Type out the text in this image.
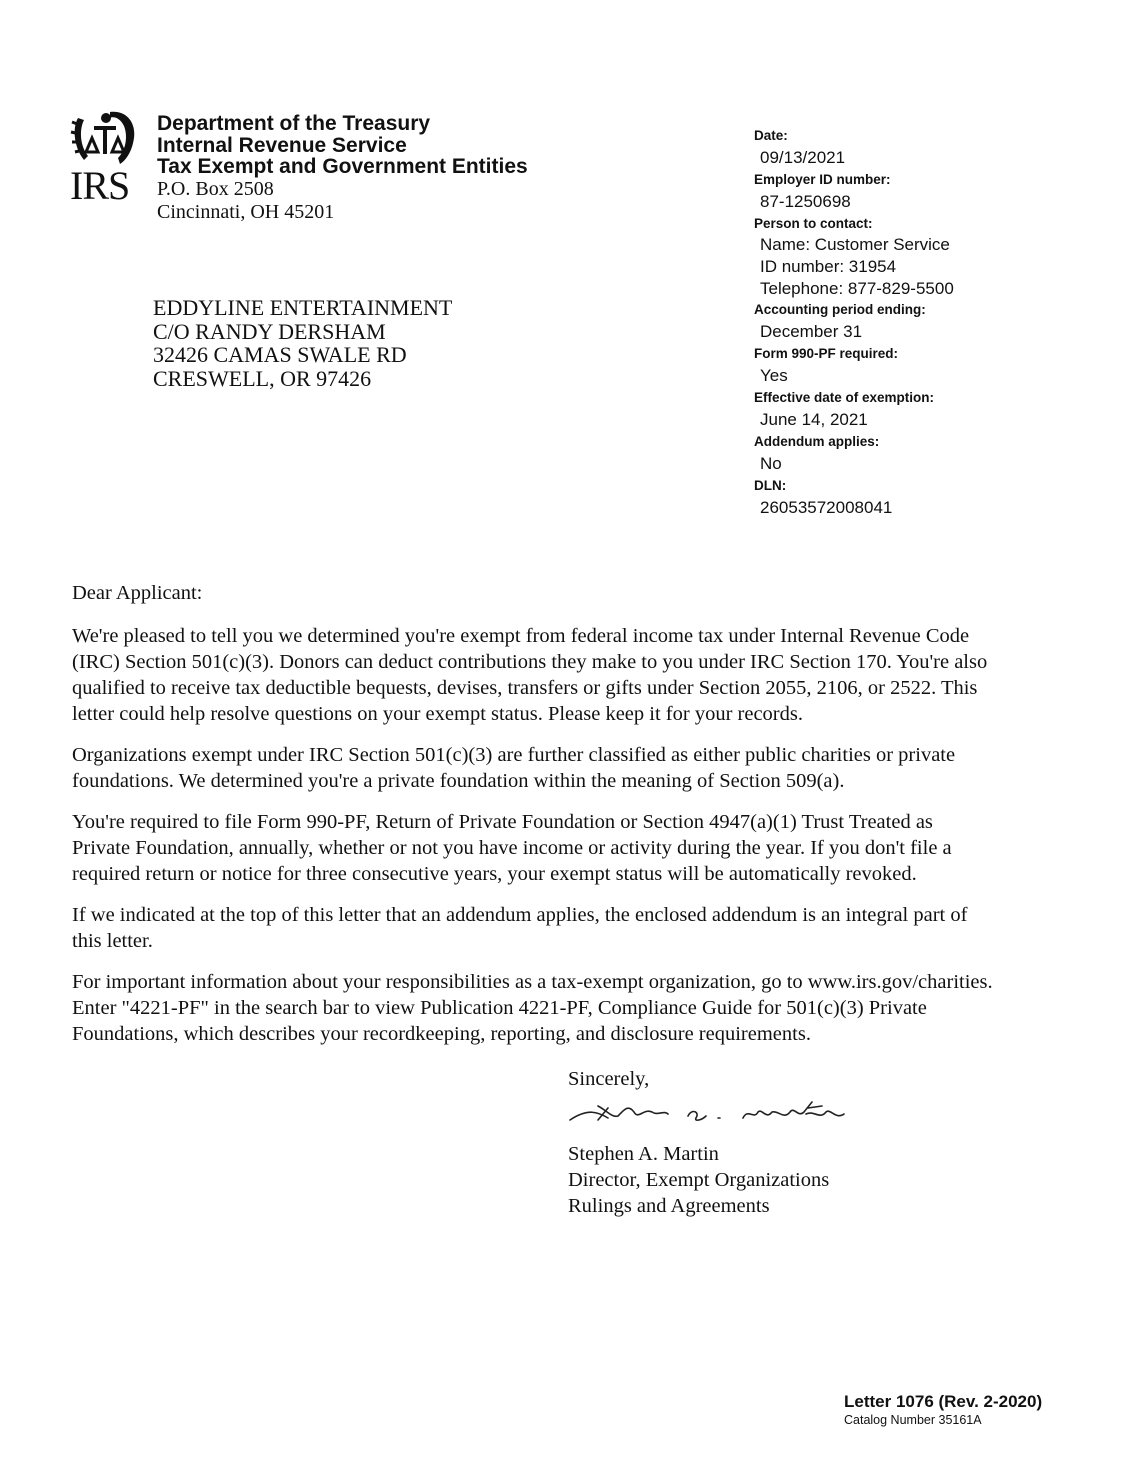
IRS
Department of the Treasury
Internal Revenue Service
Tax Exempt and Government Entities
P.O. Box 2508
Cincinnati, OH 45201
EDDYLINE ENTERTAINMENT
C/O RANDY DERSHAM
32426 CAMAS SWALE RD
CRESWELL, OR 97426
Date:
09/13/2021
Employer ID number:
87-1250698
Person to contact:
Name: Customer Service
ID number: 31954
Telephone: 877-829-5500
Accounting period ending:
December 31
Form 990-PF required:
Yes
Effective date of exemption:
June 14, 2021
Addendum applies:
No
DLN:
26053572008041
Dear Applicant:

We're pleased to tell you we determined you're exempt from federal income tax under Internal Revenue Code
(IRC) Section 501(c)(3). Donors can deduct contributions they make to you under IRC Section 170. You're also
qualified to receive tax deductible bequests, devises, transfers or gifts under Section 2055, 2106, or 2522. This
letter could help resolve questions on your exempt status. Please keep it for your records.

Organizations exempt under IRC Section 501(c)(3) are further classified as either public charities or private
foundations. We determined you're a private foundation within the meaning of Section 509(a).

You're required to file Form 990-PF, Return of Private Foundation or Section 4947(a)(1) Trust Treated as
Private Foundation, annually, whether or not you have income or activity during the year. If you don't file a
required return or notice for three consecutive years, your exempt status will be automatically revoked.

If we indicated at the top of this letter that an addendum applies, the enclosed addendum is an integral part of
this letter.

For important information about your responsibilities as a tax-exempt organization, go to www.irs.gov/charities.
Enter "4221-PF" in the search bar to view Publication 4221-PF, Compliance Guide for 501(c)(3) Private
Foundations, which describes your recordkeeping, reporting, and disclosure requirements.

Sincerely,
Stephen A. Martin
Director, Exempt Organizations
Rulings and Agreements
Letter 1076 (Rev. 2-2020)
Catalog Number 35161A
